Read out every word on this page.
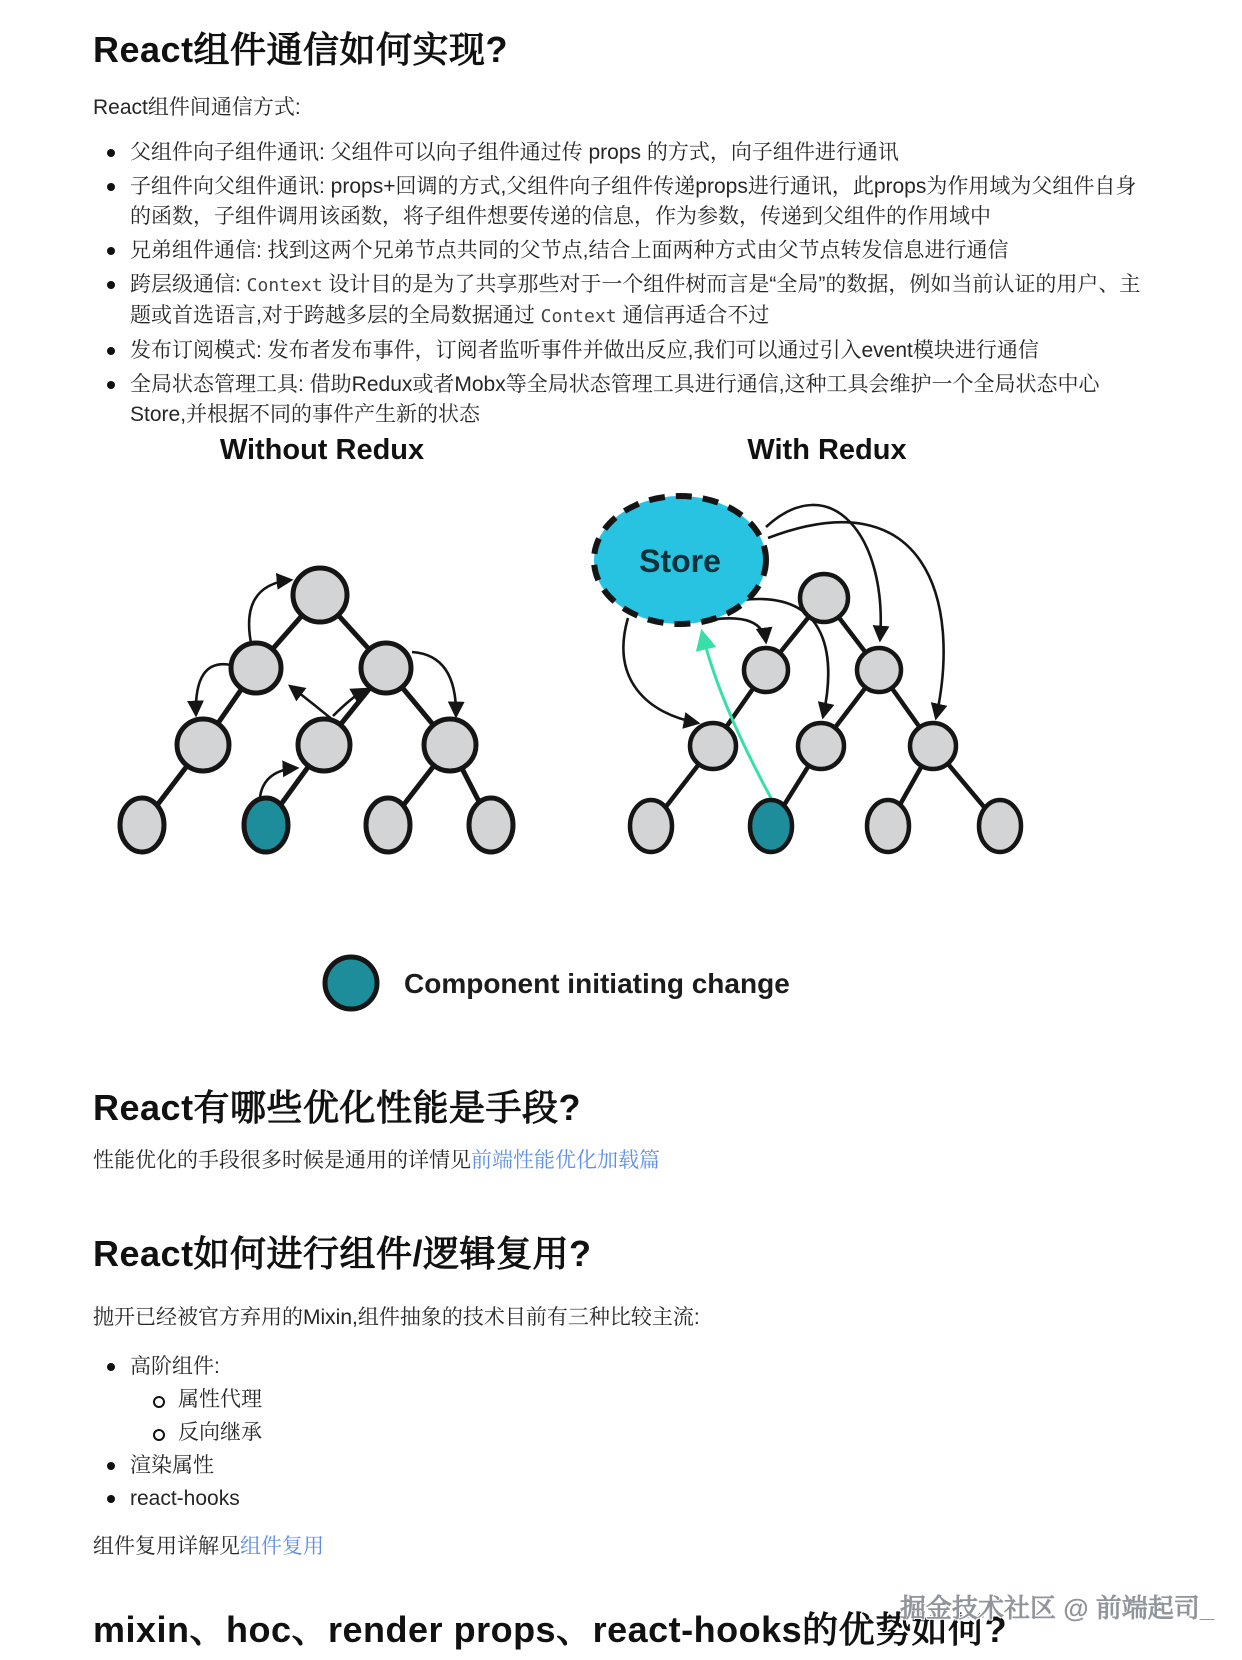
React组件通信如何实现?

React组件间通信方式:

父组件向子组件通讯: 父组件可以向子组件通过传 props 的方式，向子组件进行通讯
子组件向父组件通讯: props+回调的方式,父组件向子组件传递props进行通讯，此props为作用域为父组件自身的函数，子组件调用该函数，将子组件想要传递的信息，作为参数，传递到父组件的作用域中
兄弟组件通信: 找到这两个兄弟节点共同的父节点,结合上面两种方式由父节点转发信息进行通信
跨层级通信: Context 设计目的是为了共享那些对于一个组件树而言是“全局”的数据，例如当前认证的用户、主题或首选语言,对于跨越多层的全局数据通过 Context 通信再适合不过
发布订阅模式: 发布者发布事件，订阅者监听事件并做出反应,我们可以通过引入event模块进行通信
全局状态管理工具: 借助Redux或者Mobx等全局状态管理工具进行通信,这种工具会维护一个全局状态中心Store,并根据不同的事件产生新的状态
Without Redux	With Redux
Store
Component initiating change
React有哪些优化性能是手段?

性能优化的手段很多时候是通用的详情见前端性能优化加载篇

React如何进行组件/逻辑复用?

抛开已经被官方弃用的Mixin,组件抽象的技术目前有三种比较主流:

高阶组件:
属性代理
反向继承
渲染属性
react-hooks

组件复用详解见组件复用

mixin、hoc、render props、react-hooks的优势如何?
掘金技术社区 @ 前端起司_
